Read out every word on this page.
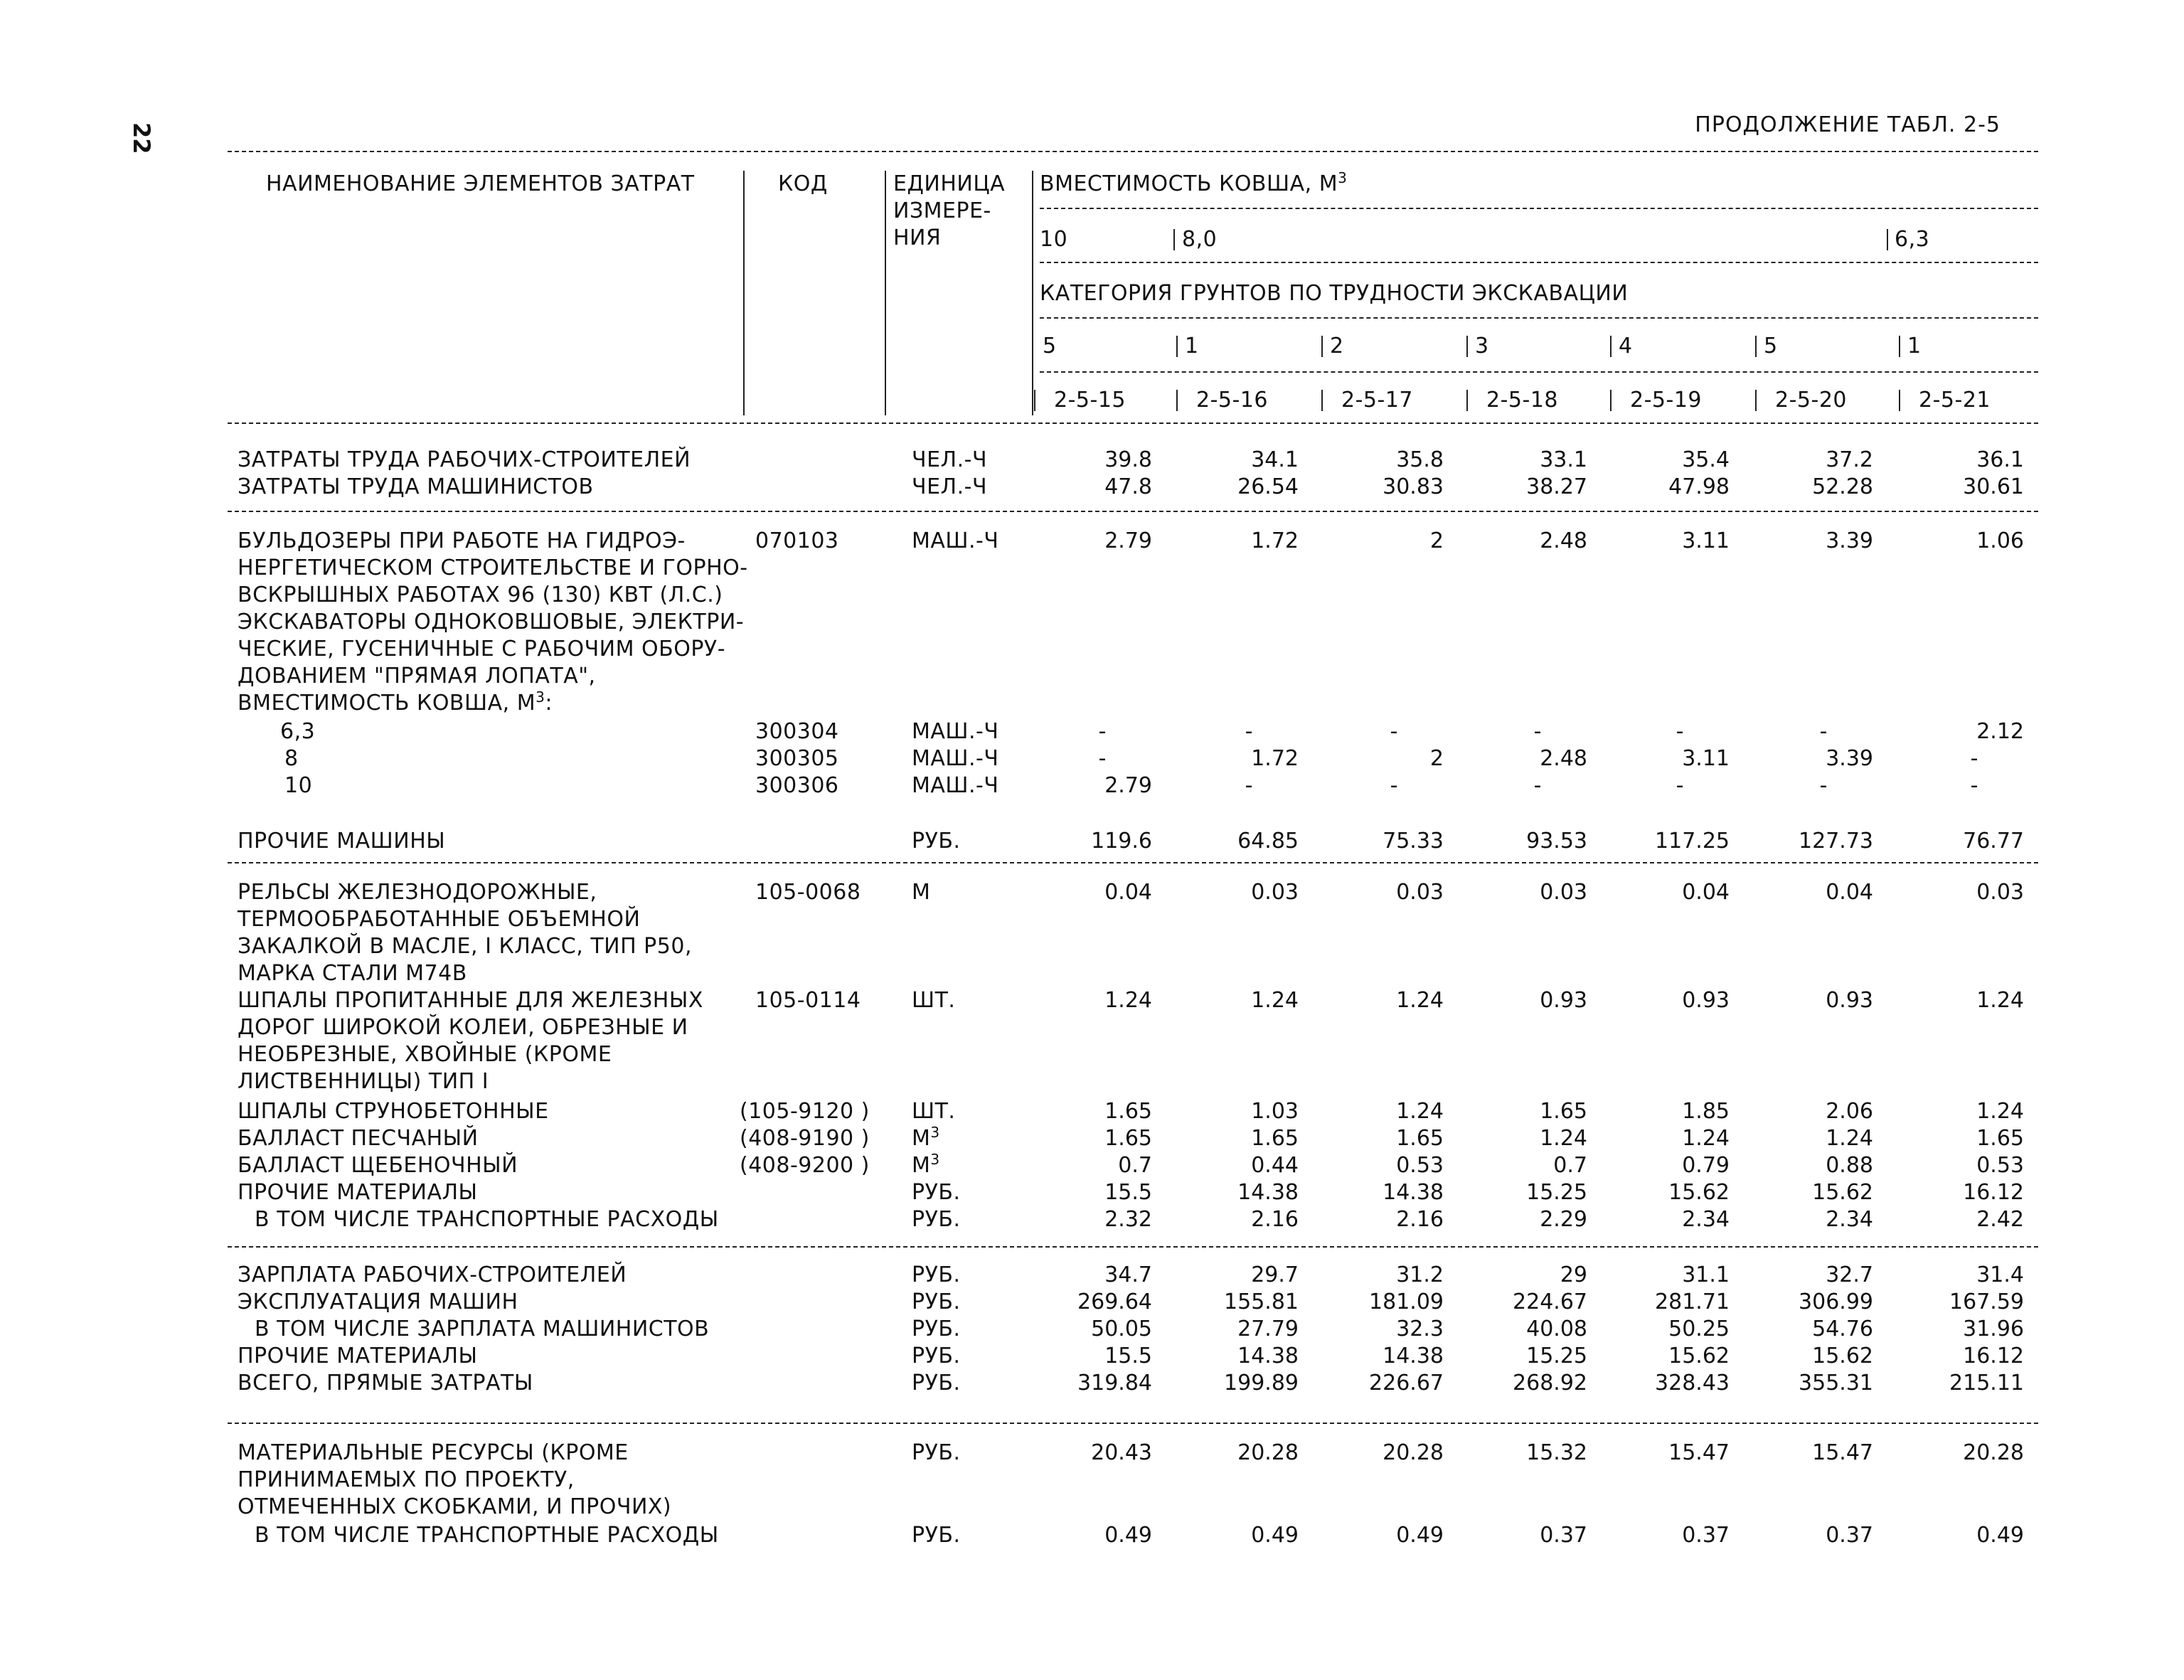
22	ПРОДОЛЖЕНИЕ ТАБЛ. 2-5
НАИМЕНОВАНИЕ ЭЛЕМЕНТОВ ЗАТРАТ	КОД	ЕДИНИЦА
ИЗМЕРЕ-
НИЯ
ВМЕСТИМОСТЬ КОВША, $М^3$
10	8,0	6,3
КАТЕГОРИЯ ГРУНТОВ ПО ТРУДНОСТИ ЭКСКАВАЦИИ
5	1	2	3	4	5	1
2-5-15	2-5-16	2-5-17	2-5-18	2-5-19	2-5-20	2-5-21
ЗАТРАТЫ ТРУДА РАБОЧИХ-СТРОИТЕЛЕЙ	ЧЕЛ.-Ч	39.8	34.1	35.8	33.1	35.4	37.2	36.1
ЗАТРАТЫ ТРУДА МАШИНИСТОВ	ЧЕЛ.-Ч	47.8	26.54	30.83	38.27	47.98	52.28	30.61
БУЛЬДОЗЕРЫ ПРИ РАБОТЕ НА ГИДРОЭ-
НЕРГЕТИЧЕСКОМ СТРОИТЕЛЬСТВЕ И ГОРНО-
ВСКРЫШНЫХ РАБОТАХ 96 (130) КВТ (Л.С.)
070103	МАШ.-Ч	2.79	1.72	2	2.48	3.11	3.39	1.06
ЭКСКАВАТОРЫ ОДНОКОВШОВЫЕ, ЭЛЕКТРИ-
ЧЕСКИЕ, ГУСЕНИЧНЫЕ С РАБОЧИМ ОБОРУ-
ДОВАНИЕМ "ПРЯМАЯ ЛОПАТА",
ВМЕСТИМОСТЬ КОВША, $М^3$:
6,3	300304	МАШ.-Ч	-	-	-	-	-	-	2.12
8	300305	МАШ.-Ч	-	1.72	2	2.48	3.11	3.39	-
10	300306	МАШ.-Ч	2.79	-	-	-	-	-	-
ПРОЧИЕ МАШИНЫ	РУБ.	119.6	64.85	75.33	93.53	117.25	127.73	76.77
РЕЛЬСЫ ЖЕЛЕЗНОДОРОЖНЫЕ,
ТЕРМООБРАБОТАННЫЕ ОБЪЕМНОЙ
ЗАКАЛКОЙ В МАСЛЕ, I КЛАСС, ТИП Р50,
МАРКА СТАЛИ М74В
105-0068 М	0.04	0.03	0.03	0.03	0.04	0.04	0.03
ШПАЛЫ ПРОПИТАННЫЕ ДЛЯ ЖЕЛЕЗНЫХ
ДОРОГ ШИРОКОЙ КОЛЕИ, ОБРЕЗНЫЕ И
НЕОБРЕЗНЫЕ, ХВОЙНЫЕ (КРОМЕ
ЛИСТВЕННИЦЫ) ТИП I
105-0114 ШТ.	1.24	1.24	1.24	0.93	0.93	0.93	1.24
ШПАЛЫ СТРУНОБЕТОННЫЕ	(105-9120 ) ШТ.	1.65	1.03	1.24	1.65	1.85	2.06	1.24
БАЛЛАСТ ПЕСЧАНЫЙ	(408-9190 ) $М^3$	1.65	1.65	1.65	1.24	1.24	1.24	1.65
БАЛЛАСТ ЩЕБЕНОЧНЫЙ	(408-9200 ) $М^3$	0.7	0.44	0.53	0.7	0.79	0.88	0.53
ПРОЧИЕ МАТЕРИАЛЫ	РУБ.	15.5	14.38	14.38	15.25	15.62	15.62	16.12
В ТОМ ЧИСЛЕ ТРАНСПОРТНЫЕ РАСХОДЫ	РУБ.	2.32	2.16	2.16	2.29	2.34	2.34	2.42
ЗАРПЛАТА РАБОЧИХ-СТРОИТЕЛЕЙ	РУБ.	34.7	29.7	31.2	29	31.1	32.7	31.4
ЭКСПЛУАТАЦИЯ МАШИН	РУБ.	269.64	155.81	181.09	224.67	281.71	306.99	167.59
В ТОМ ЧИСЛЕ ЗАРПЛАТА МАШИНИСТОВ	РУБ.	50.05	27.79	32.3	40.08	50.25	54.76	31.96
ПРОЧИЕ МАТЕРИАЛЫ	РУБ.	15.5	14.38	14.38	15.25	15.62	15.62	16.12
ВСЕГО, ПРЯМЫЕ ЗАТРАТЫ	РУБ.	319.84	199.89	226.67	268.92	328.43	355.31	215.11
МАТЕРИАЛЬНЫЕ РЕСУРСЫ (КРОМЕ
ПРИНИМАЕМЫХ ПО ПРОЕКТУ,
ОТМЕЧЕННЫХ СКОБКАМИ, И ПРОЧИХ)
РУБ.	20.43	20.28	20.28	15.32	15.47	15.47	20.28
В ТОМ ЧИСЛЕ ТРАНСПОРТНЫЕ РАСХОДЫ	РУБ.	0.49	0.49	0.49	0.37	0.37	0.37	0.49
